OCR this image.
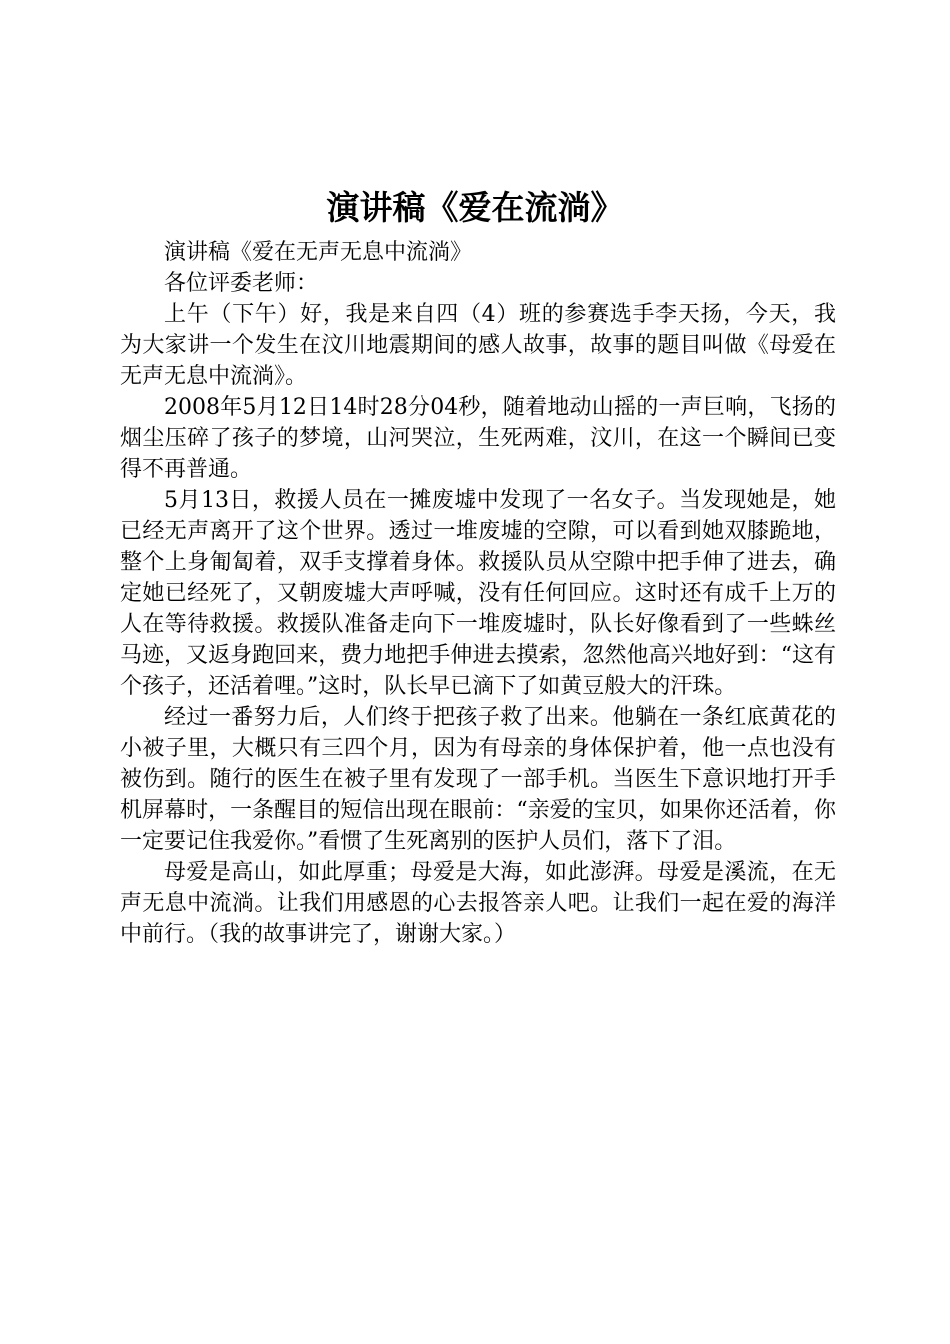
演讲稿《爱在流淌》

演讲稿《爱在无声无息中流淌》

各位评委老师：

上午（下午）好，我是来自四（4）班的参赛选手李天扬，今天，我为大家讲一个发生在汶川地震期间的感人故事，故事的题目叫做《母爱在无声无息中流淌》。

2008年5月12日14时28分04秒，随着地动山摇的一声巨响，飞扬的烟尘压碎了孩子的梦境，山河哭泣，生死两难，汶川，在这一个瞬间已变得不再普通。

5月13日，救援人员在一摊废墟中发现了一名女子。当发现她是，她已经无声离开了这个世界。透过一堆废墟的空隙，可以看到她双膝跪地，整个上身匍匐着，双手支撑着身体。救援队员从空隙中把手伸了进去，确定她已经死了，又朝废墟大声呼喊，没有任何回应。这时还有成千上万的人在等待救援。救援队准备走向下一堆废墟时，队长好像看到了一些蛛丝马迹，又返身跑回来，费力地把手伸进去摸索，忽然他高兴地好到：“这有个孩子，还活着哩。”这时，队长早已滴下了如黄豆般大的汗珠。

经过一番努力后，人们终于把孩子救了出来。他躺在一条红底黄花的小被子里，大概只有三四个月，因为有母亲的身体保护着，他一点也没有被伤到。随行的医生在被子里有发现了一部手机。当医生下意识地打开手机屏幕时，一条醒目的短信出现在眼前：“亲爱的宝贝，如果你还活着，你一定要记住我爱你。”看惯了生死离别的医护人员们，落下了泪。

母爱是高山，如此厚重；母爱是大海，如此澎湃。母爱是溪流，在无声无息中流淌。让我们用感恩的心去报答亲人吧。让我们一起在爱的海洋中前行。（我的故事讲完了，谢谢大家。）
